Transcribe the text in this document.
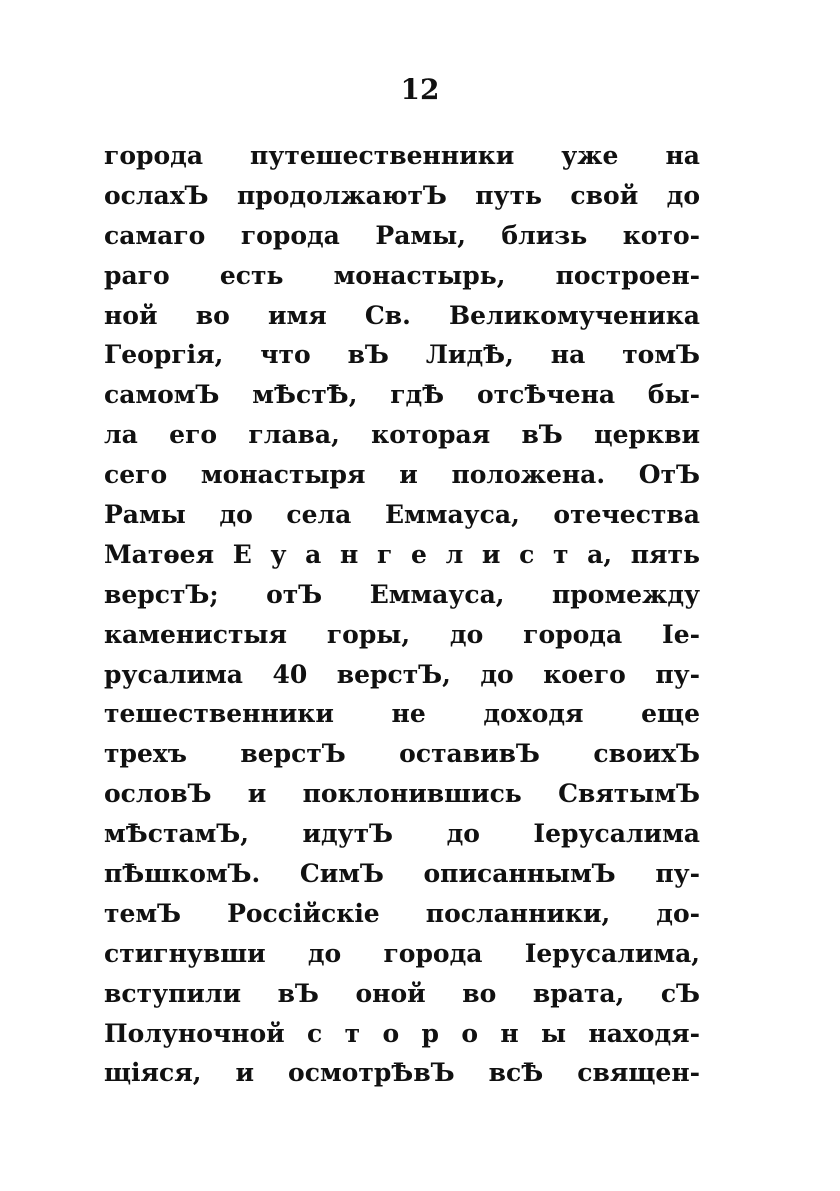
12
города путешественники уже на
ослахЪ продолжаютЪ путь свой до
самаго города Рамы, близь кото-
раго есть монастырь, построен-
ной во имя Св. Великомученика
Георгія, что вЪ ЛидѢ, на томЪ
самомЪ мѢстѢ, гдѢ отсѢчена бы-
ла его глава, которая вЪ церкви
сего монастыря и положена. ОтЪ
Рамы до села Еммауса, отечества
Матѳея Е у а н г е л и с т а, пять
верстЪ; отЪ Еммауса, промежду
каменистыя горы, до города Іе-
русалима 40 верстЪ, до коего пу-
тешественники не доходя еще
трехъ верстЪ оставивЪ своихЪ
ословЪ и поклонившись СвятымЪ
мѢстамЪ, идутЪ до Іерусалима
пѢшкомЪ. СимЪ описаннымЪ пу-
темЪ Россійскіе посланники, до-
стигнувши до города Іерусалима,
вступили вЪ оной во врата, сЪ
Полуночной с т о р о н ы находя-
щіяся, и осмотрѢвЪ всѢ священ-
